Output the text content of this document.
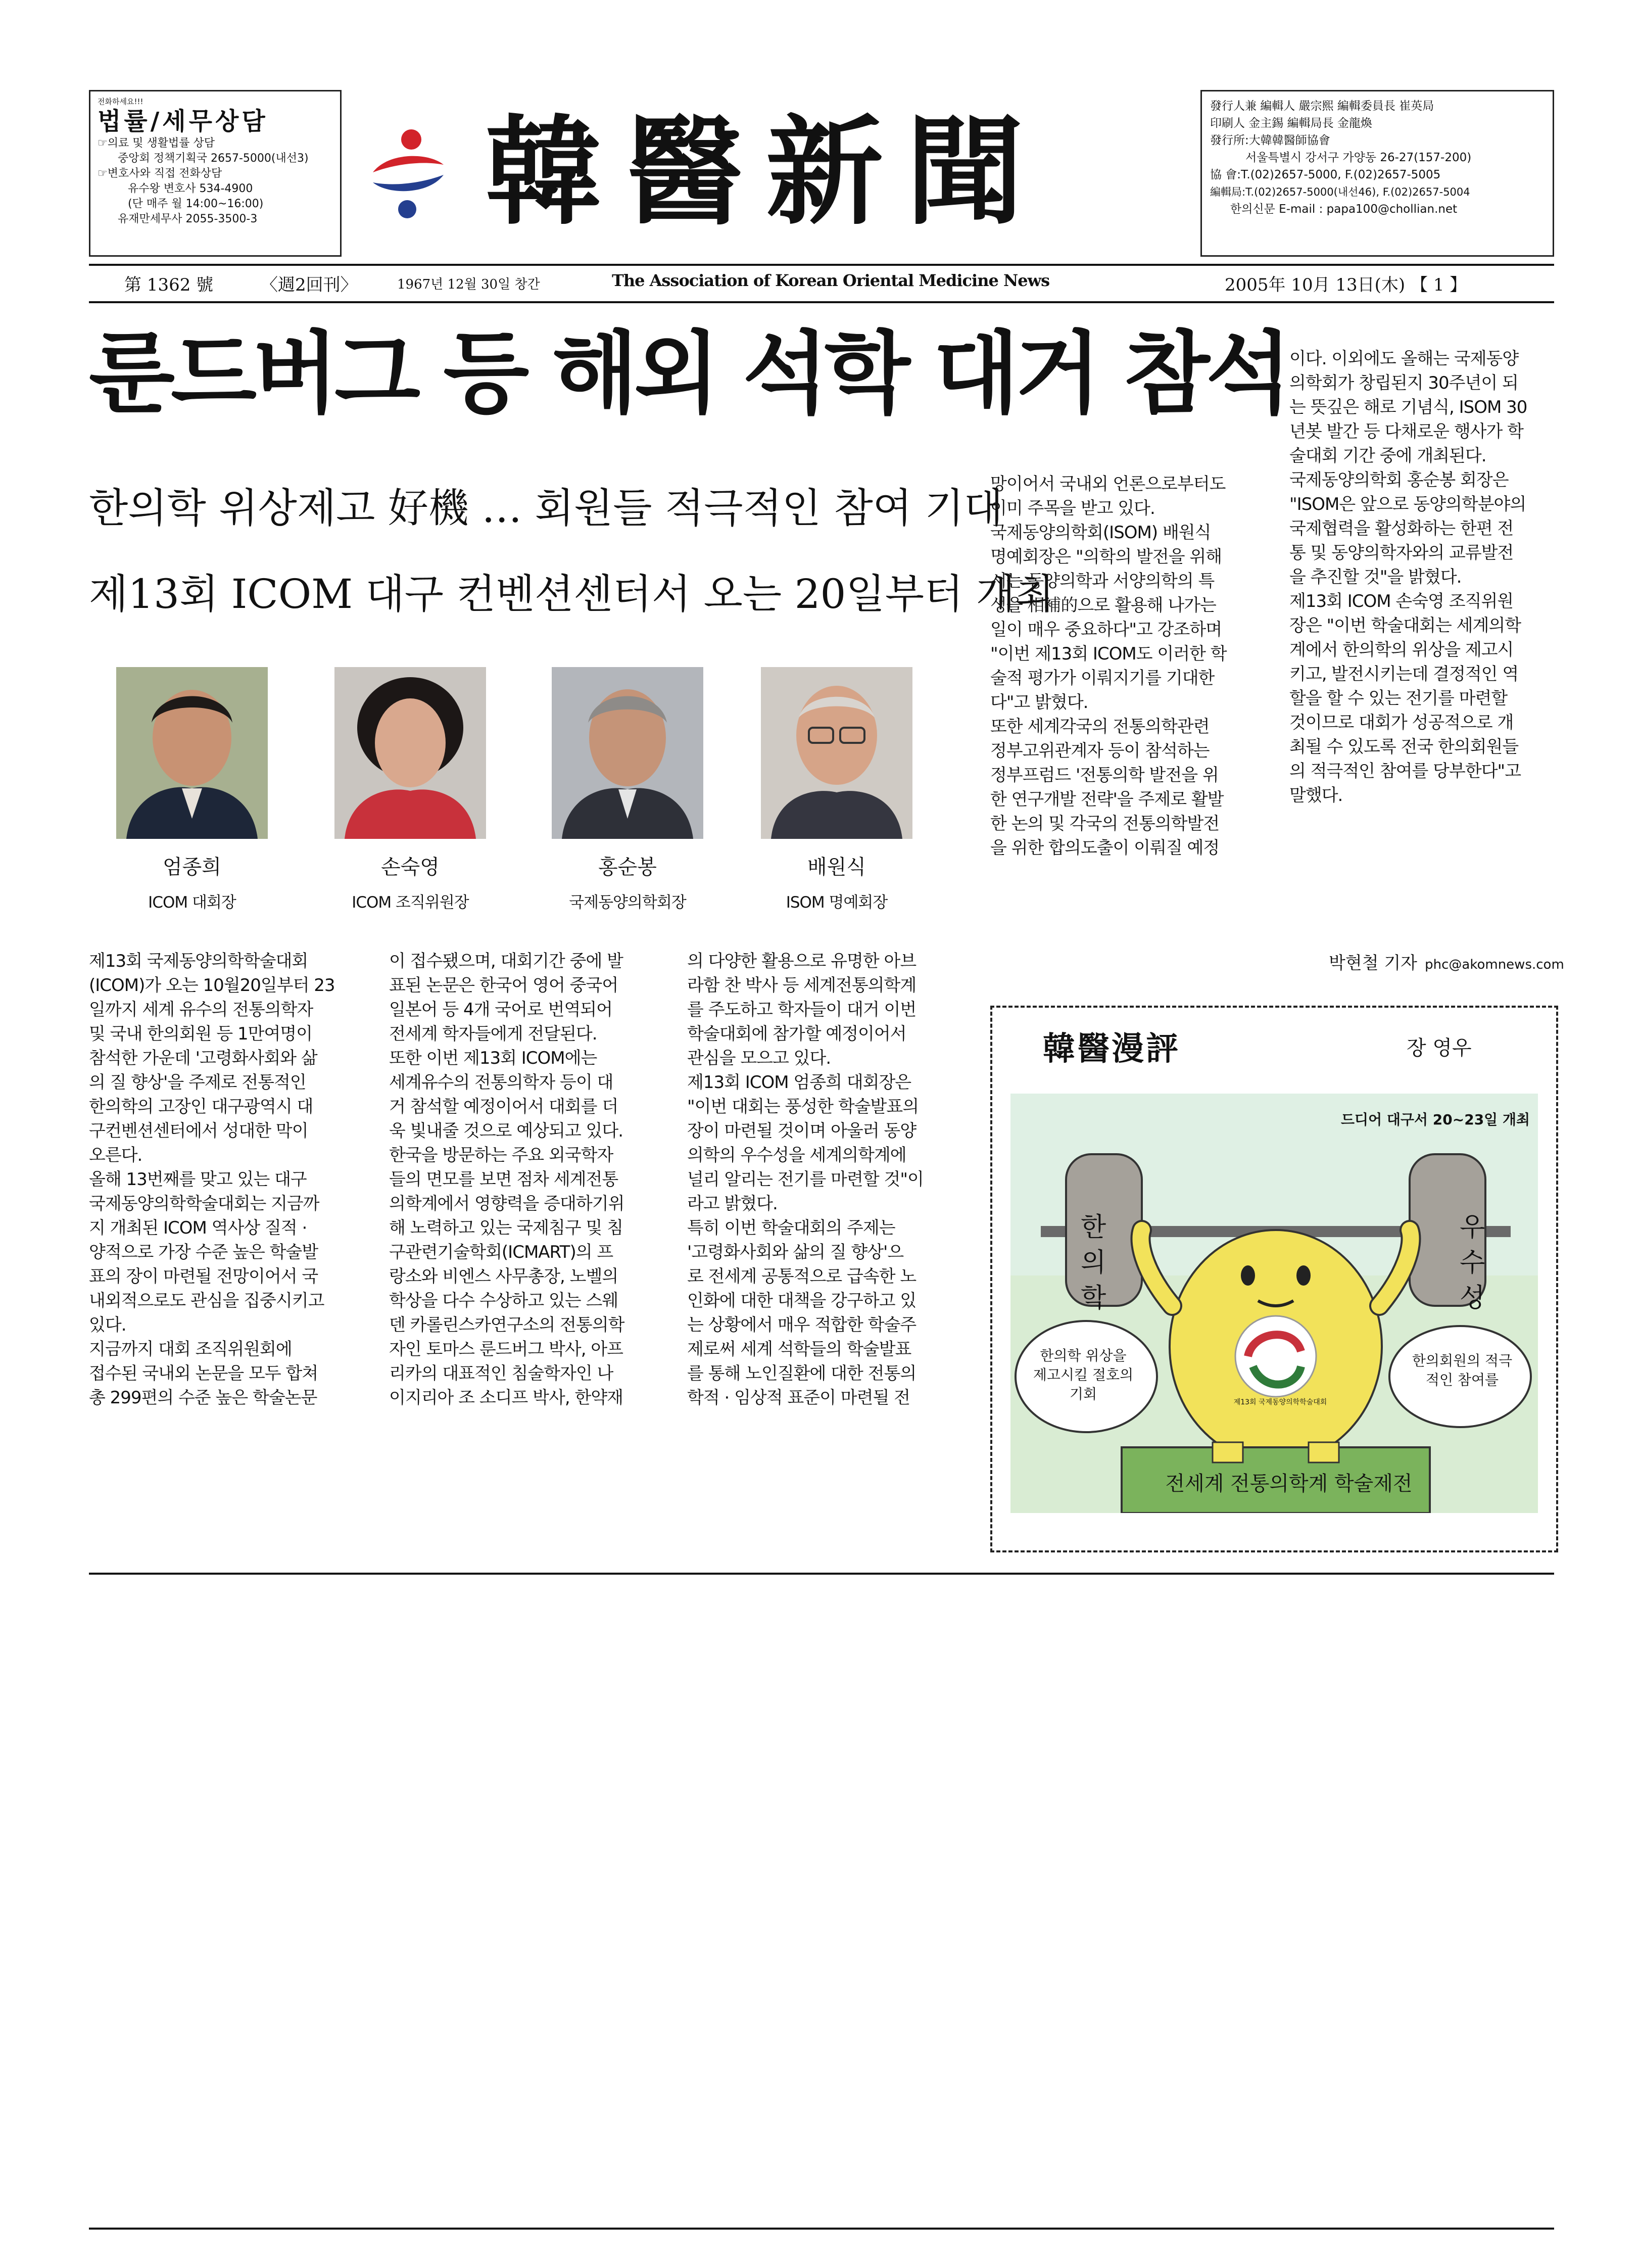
전화하세요!!!
법률/세무상담
☞의료 및 생활법률 상담
중앙회 정책기획국 2657-5000(내선3)
☞변호사와 직접 전화상담
유수왕 변호사 534-4900
(단 매주 월 14:00~16:00)
유재만세무사 2055-3500-3	韓醫新聞	發行人兼 編輯人 嚴宗熙 編輯委員長 崔英局
印刷人 金主錫 編輯局長 金龍煥
發行所:大韓韓醫師協會
서울특별시 강서구 가양동 26-27(157-200)
協 會:T.(02)2657-5000, F.(02)2657-5005
編輯局:T.(02)2657-5000(내선46), F.(02)2657-5004
한의신문 E-mail : papa100@chollian.net
第 1362 號	〈週2回刊〉	1967년 12월 30일 창간	The Association of Korean Oriental Medicine News	2005年 10月 13日(木) 【 1 】
룬드버그 등 해외 석학 대거 참석
한의학 위상제고 好機 … 회원들 적극적인 참여 기대
제13회 ICOM 대구 컨벤션센터서 오는 20일부터 개최
엄종희	손숙영	홍순봉	배원식
ICOM 대회장	ICOM 조직위원장	국제동양의학회장	ISOM 명예회장

제13회 국제동양의학학술대회

(ICOM)가 오는 10월20일부터 23

일까지 세계 유수의 전통의학자

및 국내 한의회원 등 1만여명이

참석한 가운데 '고령화사회와 삶

의 질 향상'을 주제로 전통적인

한의학의 고장인 대구광역시 대

구컨벤션센터에서 성대한 막이

오른다.

올해 13번째를 맞고 있는 대구

국제동양의학학술대회는 지금까

지 개최된 ICOM 역사상 질적 ·

양적으로 가장 수준 높은 학술발

표의 장이 마련될 전망이어서 국

내외적으로도 관심을 집중시키고

있다.

지금까지 대회 조직위원회에

접수된 국내외 논문을 모두 합쳐

총 299편의 수준 높은 학술논문

이 접수됐으며, 대회기간 중에 발

표된 논문은 한국어 영어 중국어

일본어 등 4개 국어로 번역되어

전세계 학자들에게 전달된다.

또한 이번 제13회 ICOM에는

세계유수의 전통의학자 등이 대

거 참석할 예정이어서 대회를 더

욱 빛내줄 것으로 예상되고 있다.

한국을 방문하는 주요 외국학자

들의 면모를 보면 점차 세계전통

의학계에서 영향력을 증대하기위

해 노력하고 있는 국제침구 및 침

구관련기술학회(ICMART)의 프

랑소와 비엔스 사무총장, 노벨의

학상을 다수 수상하고 있는 스웨

덴 카롤린스카연구소의 전통의학

자인 토마스 룬드버그 박사, 아프

리카의 대표적인 침술학자인 나

이지리아 조 소디프 박사, 한약재

의 다양한 활용으로 유명한 아브

라함 찬 박사 등 세계전통의학계

를 주도하고 학자들이 대거 이번

학술대회에 참가할 예정이어서

관심을 모으고 있다.

제13회 ICOM 엄종희 대회장은

"이번 대회는 풍성한 학술발표의

장이 마련될 것이며 아울러 동양

의학의 우수성을 세계의학계에

널리 알리는 전기를 마련할 것"이

라고 밝혔다.

특히 이번 학술대회의 주제는

'고령화사회와 삶의 질 향상'으

로 전세계 공통적으로 급속한 노

인화에 대한 대책을 강구하고 있

는 상황에서 매우 적합한 학술주

제로써 세계 석학들의 학술발표

를 통해 노인질환에 대한 전통의

학적 · 임상적 표준이 마련될 전

망이어서 국내외 언론으로부터도

이미 주목을 받고 있다.

국제동양의학회(ISOM) 배원식

명예회장은 "의학의 발전을 위해

서는 동양의학과 서양의학의 특

성을 相補的으로 활용해 나가는

일이 매우 중요하다"고 강조하며

"이번 제13회 ICOM도 이러한 학

술적 평가가 이뤄지기를 기대한

다"고 밝혔다.

또한 세계각국의 전통의학관련

정부고위관계자 등이 참석하는

정부프럼드 '전통의학 발전을 위

한 연구개발 전략'을 주제로 활발

한 논의 및 각국의 전통의학발전

을 위한 합의도출이 이뤄질 예정

이다. 이외에도 올해는 국제동양

의학회가 창립된지 30주년이 되

는 뜻깊은 해로 기념식, ISOM 30

년봇 발간 등 다채로운 행사가 학

술대회 기간 중에 개최된다.

국제동양의학회 홍순봉 회장은

"ISOM은 앞으로 동양의학분야의

국제협력을 활성화하는 한편 전

통 및 동양의학자와의 교류발전

을 추진할 것"을 밝혔다.

제13회 ICOM 손숙영 조직위원

장은 "이번 학술대회는 세계의학

계에서 한의학의 위상을 제고시

키고, 발전시키는데 결정적인 역

할을 할 수 있는 전기를 마련할

것이므로 대회가 성공적으로 개

최될 수 있도록 전국 한의회원들

의 적극적인 참여를 당부한다"고

말했다.

박현철 기자 phc@akomnews.com
韓醫漫評	장 영우
드디어 대구서 20~23일 개최
한의학
우수성
한의학 위상을 제고시킬 절호의 기회
한의회원의 적극적인 참여를
제13회 국제동양의학학술대회
전세계 전통의학계 학술제전
